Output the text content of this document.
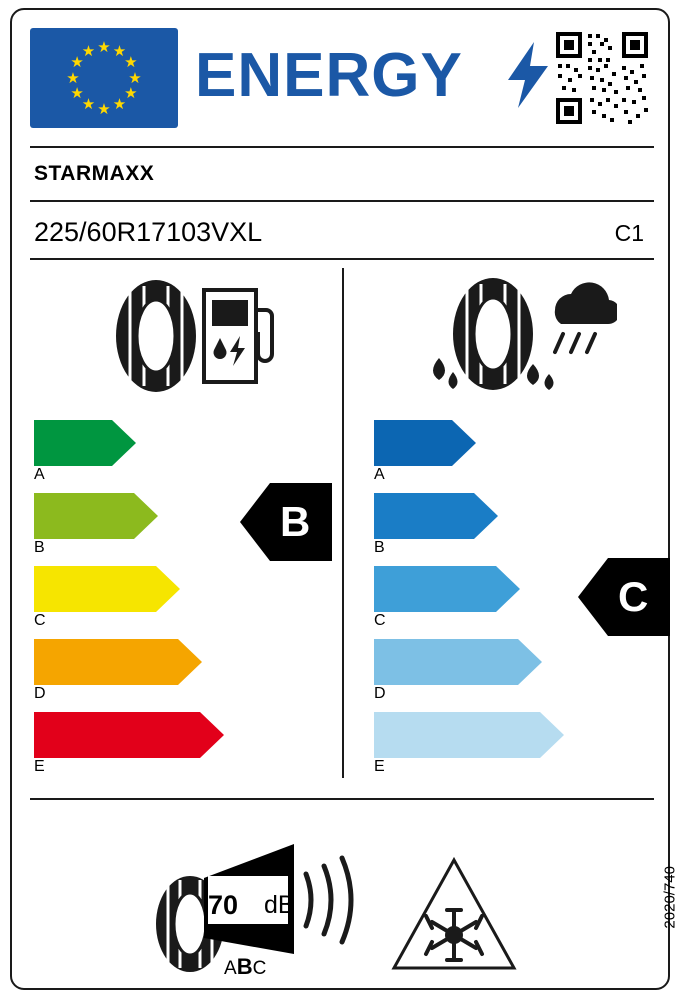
★ ★
★
★
★
★
★
★
★
★
★
★ ENERGY
STARMAXX
225/60R17103VXL	C1
A
B
C
D
E
A
B
C
D
E
B
C
70 dB
ABC
2020/740
